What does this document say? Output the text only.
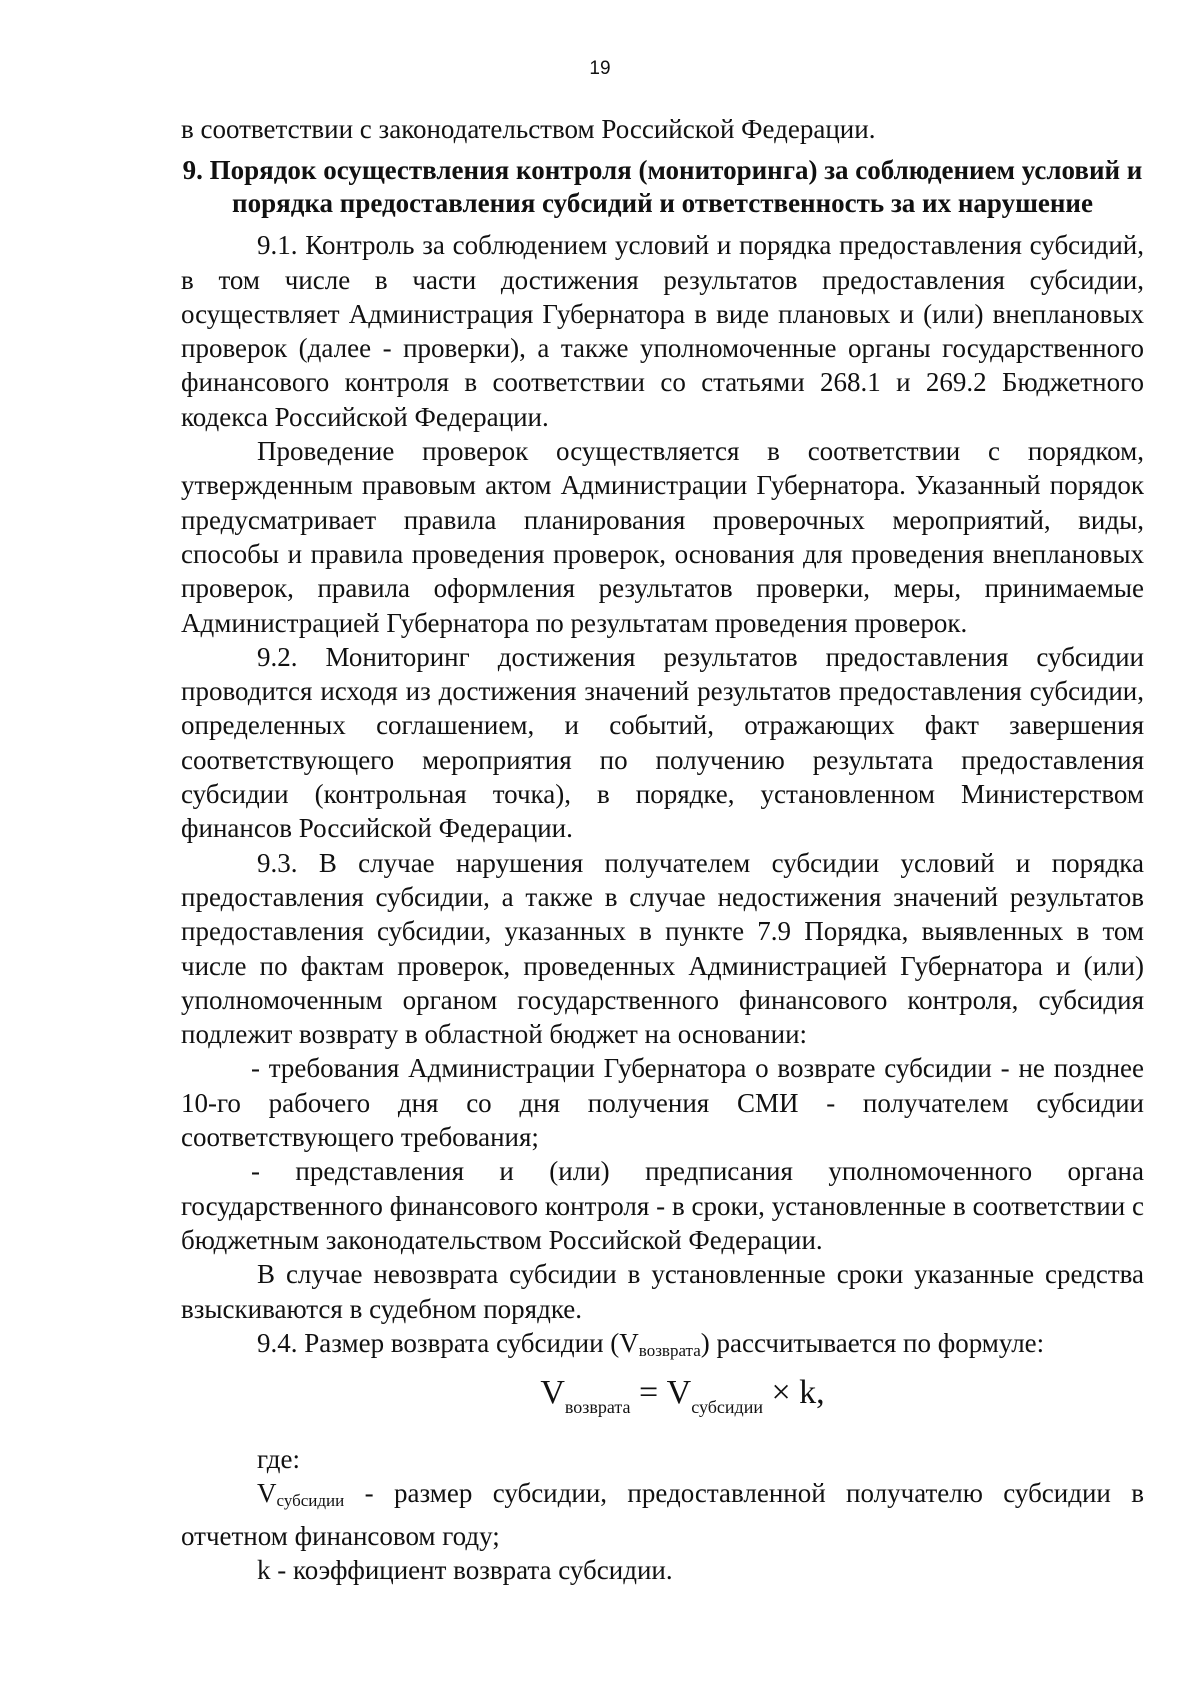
19

в соответствии с законодательством Российской Федерации.

9. Порядок осуществления контроля (мониторинга) за соблюдением условий и порядка предоставления субсидий и ответственность за их нарушение

9.1. Контроль за соблюдением условий и порядка предоставления субсидий, в том числе в части достижения результатов предоставления субсидии, осуществляет Администрация Губернатора в виде плановых и (или) внеплановых проверок (далее - проверки), а также уполномоченные органы государственного финансового контроля в соответствии со статьями 268.1 и 269.2 Бюджетного кодекса Российской Федерации.

Проведение проверок осуществляется в соответствии с порядком, утвержденным правовым актом Администрации Губернатора. Указанный порядок предусматривает правила планирования проверочных мероприятий, виды, способы и правила проведения проверок, основания для проведения внеплановых проверок, правила оформления результатов проверки, меры, принимаемые Администрацией Губернатора по результатам проведения проверок.

9.2. Мониторинг достижения результатов предоставления субсидии проводится исходя из достижения значений результатов предоставления субсидии, определенных соглашением, и событий, отражающих факт завершения соответствующего мероприятия по получению результата предоставления субсидии (контрольная точка), в порядке, установленном Министерством финансов Российской Федерации.

9.3. В случае нарушения получателем субсидии условий и порядка предоставления субсидии, а также в случае недостижения значений результатов предоставления субсидии, указанных в пункте 7.9 Порядка, выявленных в том числе по фактам проверок, проведенных Администрацией Губернатора и (или) уполномоченным органом государственного финансового контроля, субсидия подлежит возврату в областной бюджет на основании:

- требования Администрации Губернатора о возврате субсидии - не позднее 10-го рабочего дня со дня получения СМИ - получателем субсидии соответствующего требования;

- представления и (или) предписания уполномоченного органа государственного финансового контроля - в сроки, установленные в соответствии с бюджетным законодательством Российской Федерации.

В случае невозврата субсидии в установленные сроки указанные средства взыскиваются в судебном порядке.

9.4. Размер возврата субсидии (Vвозврата) рассчитывается по формуле:

$V_{возврата} = V_{субсидии} \times k$,

где:

Vсубсидии - размер субсидии, предоставленной получателю субсидии в отчетном финансовом году;

k - коэффициент возврата субсидии.
